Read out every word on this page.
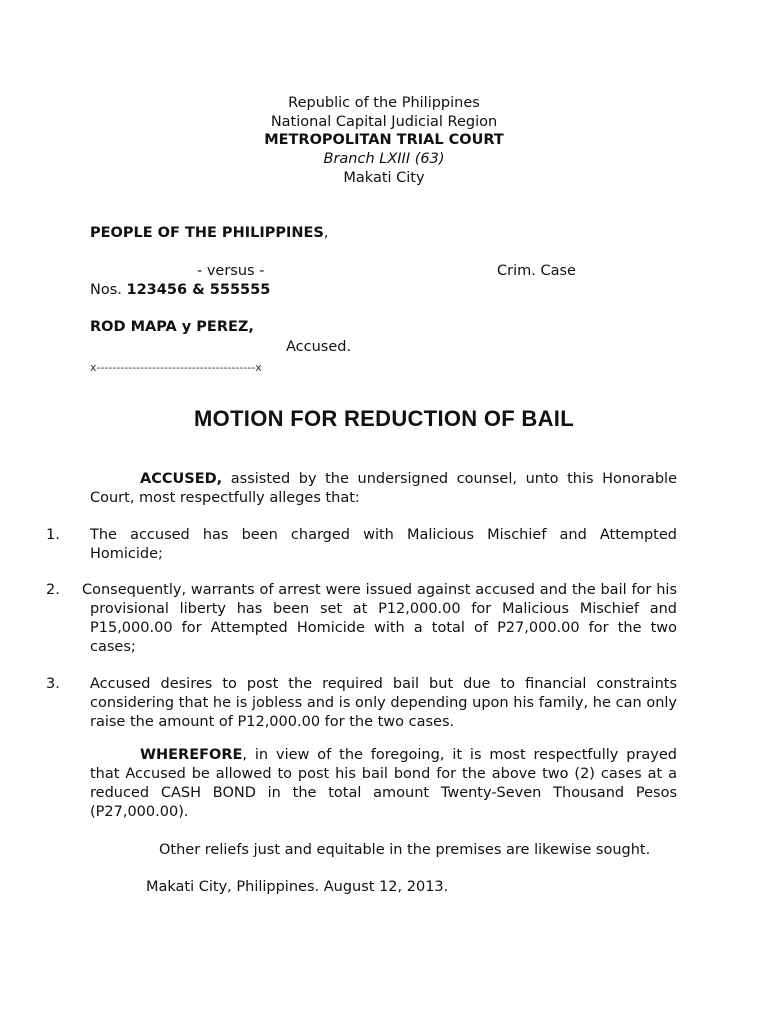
Republic of the Philippines
National Capital Judicial Region
METROPOLITAN TRIAL COURT
Branch LXIII (63)
Makati City
PEOPLE OF THE PHILIPPINES,
- versus -	Crim. Case
Nos. 123456 & 555555
ROD MAPA y PEREZ,
Accused.
x----------------------------------------x
MOTION FOR REDUCTION OF BAIL
ACCUSED, assisted by the undersigned counsel, unto this Honorable Court, most respectfully alleges that:
1. The accused has been charged with Malicious Mischief and Attempted Homicide;
2. Consequently, warrants of arrest were issued against accused and the bail for his provisional liberty has been set at P12,000.00 for Malicious Mischief and P15,000.00 for Attempted Homicide with a total of P27,000.00 for the two cases;
3. Accused desires to post the required bail but due to financial constraints considering that he is jobless and is only depending upon his family, he can only raise the amount of P12,000.00 for the two cases.
WHEREFORE, in view of the foregoing, it is most respectfully prayed that Accused be allowed to post his bail bond for the above two (2) cases at a reduced CASH BOND in the total amount Twenty-Seven Thousand Pesos (P27,000.00).
Other reliefs just and equitable in the premises are likewise sought.
Makati City, Philippines. August 12, 2013.
